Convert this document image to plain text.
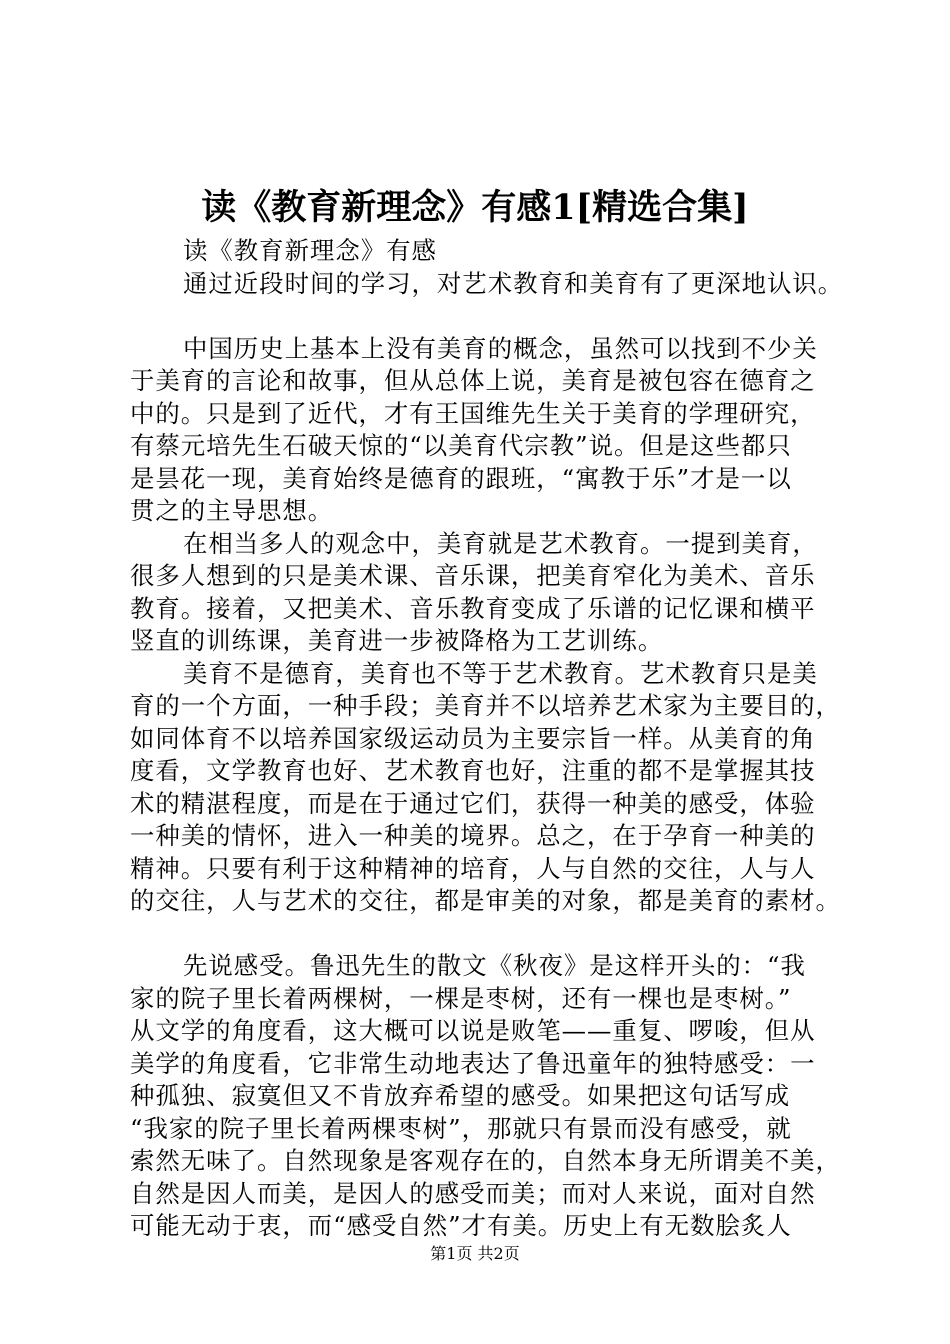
读《教育新理念》有感1[精选合集]
读《教育新理念》有感
通过近段时间的学习，对艺术教育和美育有了更深地认识。
中国历史上基本上没有美育的概念，虽然可以找到不少关
于美育的言论和故事，但从总体上说，美育是被包容在德育之
中的。只是到了近代，才有王国维先生关于美育的学理研究，
有蔡元培先生石破天惊的“以美育代宗教”说。但是这些都只
是昙花一现，美育始终是德育的跟班，“寓教于乐”才是一以
贯之的主导思想。
在相当多人的观念中，美育就是艺术教育。一提到美育，
很多人想到的只是美术课、音乐课，把美育窄化为美术、音乐
教育。接着，又把美术、音乐教育变成了乐谱的记忆课和横平
竖直的训练课，美育进一步被降格为工艺训练。
美育不是德育，美育也不等于艺术教育。艺术教育只是美
育的一个方面，一种手段；美育并不以培养艺术家为主要目的，
如同体育不以培养国家级运动员为主要宗旨一样。从美育的角
度看，文学教育也好、艺术教育也好，注重的都不是掌握其技
术的精湛程度，而是在于通过它们，获得一种美的感受，体验
一种美的情怀，进入一种美的境界。总之，在于孕育一种美的
精神。只要有利于这种精神的培育，人与自然的交往，人与人
的交往，人与艺术的交往，都是审美的对象，都是美育的素材。
先说感受。鲁迅先生的散文《秋夜》是这样开头的：“我
家的院子里长着两棵树，一棵是枣树，还有一棵也是枣树。”
从文学的角度看，这大概可以说是败笔——重复、啰唆，但从
美学的角度看，它非常生动地表达了鲁迅童年的独特感受：一
种孤独、寂寞但又不肯放弃希望的感受。如果把这句话写成
“我家的院子里长着两棵枣树”，那就只有景而没有感受，就
索然无味了。自然现象是客观存在的，自然本身无所谓美不美，
自然是因人而美，是因人的感受而美；而对人来说，面对自然
可能无动于衷，而“感受自然”才有美。历史上有无数脍炙人
第1页 共2页
